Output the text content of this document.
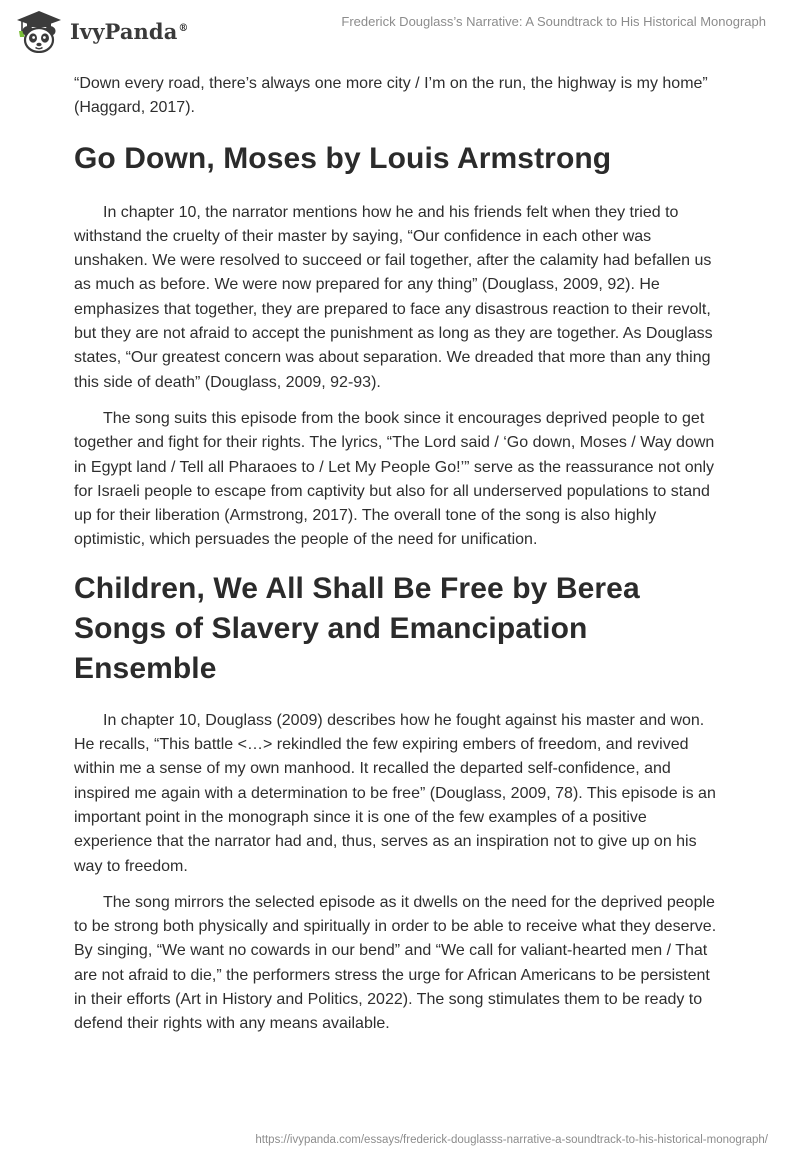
IvyPanda®	Frederick Douglass’s Narrative: A Soundtrack to His Historical Monograph

“Down every road, there’s always one more city / I’m on the run, the highway is my home” (Haggard, 2017).

Go Down, Moses by Louis Armstrong

In chapter 10, the narrator mentions how he and his friends felt when they tried to withstand the cruelty of their master by saying, “Our confidence in each other was unshaken. We were resolved to succeed or fail together, after the calamity had befallen us as much as before. We were now prepared for any thing” (Douglass, 2009, 92). He emphasizes that together, they are prepared to face any disastrous reaction to their revolt, but they are not afraid to accept the punishment as long as they are together. As Douglass states, “Our greatest concern was about separation. We dreaded that more than any thing this side of death” (Douglass, 2009, 92-93).

The song suits this episode from the book since it encourages deprived people to get together and fight for their rights. The lyrics, “The Lord said / ‘Go down, Moses / Way down in Egypt land / Tell all Pharaoes to / Let My People Go!’” serve as the reassurance not only for Israeli people to escape from captivity but also for all underserved populations to stand up for their liberation (Armstrong, 2017). The overall tone of the song is also highly optimistic, which persuades the people of the need for unification.

Children, We All Shall Be Free by Berea Songs of Slavery and Emancipation Ensemble

In chapter 10, Douglass (2009) describes how he fought against his master and won. He recalls, “This battle <…> rekindled the few expiring embers of freedom, and revived within me a sense of my own manhood. It recalled the departed self-confidence, and inspired me again with a determination to be free” (Douglass, 2009, 78). This episode is an important point in the monograph since it is one of the few examples of a positive experience that the narrator had and, thus, serves as an inspiration not to give up on his way to freedom.

The song mirrors the selected episode as it dwells on the need for the deprived people to be strong both physically and spiritually in order to be able to receive what they deserve. By singing, “We want no cowards in our bend” and “We call for valiant-hearted men / That are not afraid to die,” the performers stress the urge for African Americans to be persistent in their efforts (Art in History and Politics, 2022). The song stimulates them to be ready to defend their rights with any means available.

https://ivypanda.com/essays/frederick-douglasss-narrative-a-soundtrack-to-his-historical-monograph/
